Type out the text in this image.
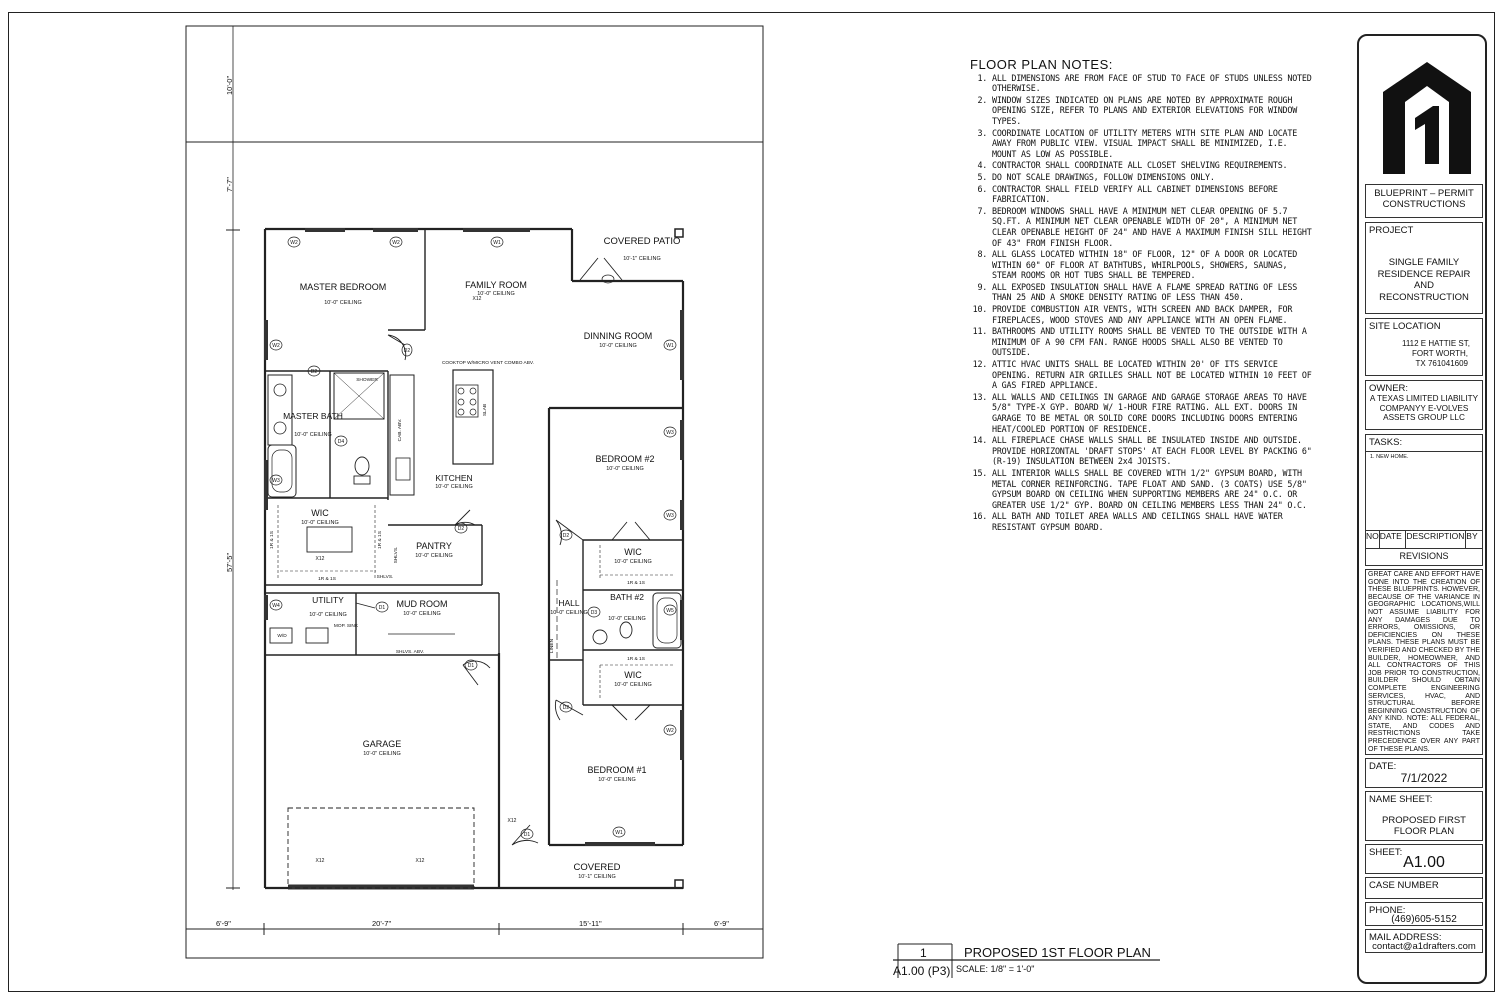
10'-0"
7'-7"
57'-5"
6'-9"	20'-7"	15'-11"	6'-9"
MASTER BEDROOM
10'-0" CEILING
FAMILY ROOM
10'-0" CEILING
COVERED PATIO
10'-1" CEILING
DINNING ROOM
10'-0" CEILING
MASTER BATH
10'-0" CEILING
KITCHEN
10'-0" CEILING
BEDROOM #2
10'-0" CEILING
WIC
10'-0" CEILING
PANTRY
10'-0" CEILING	WIC
10'-0" CEILING
UTILITY
10'-0" CEILING
MUD ROOM
10'-0" CEILING
HALL
10'-0" CEILING
BATH #2
10'-0" CEILING
WIC
10'-0" CEILING
GARAGE
10'-0" CEILING
BEDROOM #1
10'-0" CEILING
COVERED
10'-1" CEILING
SHOWER
COOKTOP W/MICRO VENT COMBO ABV.
SLAB
CAB. ABV.
SHLVS.
SHLVS.
SHLVS. ABV.
MOP. SINK
1R & 1S
1R & 1S
1R & 1S
1R & 1S	1R & 1S
LINEN
W/D
W2	W2	W1
W2
W3
W4
W1
W3
W3
W5
W2
W1
D2
D4
D2
D1
D1
D2
D3
D2
D1
D2
X12
X12
X12	X12
X12
1
A1.00 (P3)
PROPOSED 1ST FLOOR PLAN
SCALE: 1/8" = 1'-0"
FLOOR PLAN NOTES:
1. ALL DIMENSIONS ARE FROM FACE OF STUD TO FACE OF STUDS UNLESS NOTED OTHERWISE.
2. WINDOW SIZES INDICATED ON PLANS ARE NOTED BY APPROXIMATE ROUGH OPENING SIZE, REFER TO PLANS AND EXTERIOR ELEVATIONS FOR WINDOW TYPES.
3. COORDINATE LOCATION OF UTILITY METERS WITH SITE PLAN AND LOCATE AWAY FROM PUBLIC VIEW. VISUAL IMPACT SHALL BE MINIMIZED, I.E. MOUNT AS LOW AS POSSIBLE.
4. CONTRACTOR SHALL COORDINATE ALL CLOSET SHELVING REQUIREMENTS.
5. DO NOT SCALE DRAWINGS, FOLLOW DIMENSIONS ONLY.
6. CONTRACTOR SHALL FIELD VERIFY ALL CABINET DIMENSIONS BEFORE FABRICATION.
7. BEDROOM WINDOWS SHALL HAVE A MINIMUM NET CLEAR OPENING OF 5.7 SQ.FT. A MINIMUM NET CLEAR OPENABLE WIDTH OF 20", A MINIMUM NET CLEAR OPENABLE HEIGHT OF 24" AND HAVE A MAXIMUM FINISH SILL HEIGHT OF 43" FROM FINISH FLOOR.
8. ALL GLASS LOCATED WITHIN 18" OF FLOOR, 12" OF A DOOR OR LOCATED WITHIN 60" OF FLOOR AT BATHTUBS, WHIRLPOOLS, SHOWERS, SAUNAS, STEAM ROOMS OR HOT TUBS SHALL BE TEMPERED.
9. ALL EXPOSED INSULATION SHALL HAVE A FLAME SPREAD RATING OF LESS THAN 25 AND A SMOKE DENSITY RATING OF LESS THAN 450.
10. PROVIDE COMBUSTION AIR VENTS, WITH SCREEN AND BACK DAMPER, FOR FIREPLACES, WOOD STOVES AND ANY APPLIANCE WITH AN OPEN FLAME.
11. BATHROOMS AND UTILITY ROOMS SHALL BE VENTED TO THE OUTSIDE WITH A MINIMUM OF A 90 CFM FAN. RANGE HOODS SHALL ALSO BE VENTED TO OUTSIDE.
12. ATTIC HVAC UNITS SHALL BE LOCATED WITHIN 20' OF ITS SERVICE OPENING. RETURN AIR GRILLES SHALL NOT BE LOCATED WITHIN 10 FEET OF A GAS FIRED APPLIANCE.
13. ALL WALLS AND CEILINGS IN GARAGE AND GARAGE STORAGE AREAS TO HAVE 5/8" TYPE-X GYP. BOARD W/ 1-HOUR FIRE RATING. ALL EXT. DOORS IN GARAGE TO BE METAL OR SOLID CORE DOORS INCLUDING DOORS ENTERING HEAT/COOLED PORTION OF RESIDENCE.
14. ALL FIREPLACE CHASE WALLS SHALL BE INSULATED INSIDE AND OUTSIDE. PROVIDE HORIZONTAL 'DRAFT STOPS' AT EACH FLOOR LEVEL BY PACKING 6" (R-19) INSULATION BETWEEN 2x4 JOISTS.
15. ALL INTERIOR WALLS SHALL BE COVERED WITH 1/2" GYPSUM BOARD, WITH METAL CORNER REINFORCING. TAPE FLOAT AND SAND. (3 COATS) USE 5/8" GYPSUM BOARD ON CEILING WHEN SUPPORTING MEMBERS ARE 24" O.C. OR GREATER USE 1/2" GYP. BOARD ON CEILING MEMBERS LESS THAN 24" O.C.
16. ALL BATH AND TOILET AREA WALLS AND CEILINGS SHALL HAVE WATER RESISTANT GYPSUM BOARD.
BLUEPRINT – PERMIT CONSTRUCTIONS
PROJECT
SINGLE FAMILY RESIDENCE REPAIR AND RECONSTRUCTION
SITE LOCATION
1112 E HATTIE ST,
FORT WORTH,
TX 761041609
OWNER:
A TEXAS LIMITED LIABILITY COMPANYY E-VOLVES ASSETS GROUP LLC
TASKS:
1. NEW HOME.
NO DATE DESCRIPTION BY
REVISIONS
GREAT CARE AND EFFORT HAVE GONE INTO THE CREATION OF THESE BLUEPRINTS. HOWEVER, BECAUSE OF THE VARIANCE IN GEOGRAPHIC LOCATIONS,WILL NOT ASSUME LIABILITY FOR ANY DAMAGES DUE TO ERRORS, OMISSIONS, OR DEFICIENCIES ON THESE PLANS. THESE PLANS MUST BE VERIFIED AND CHECKED BY THE BUILDER, HOMEOWNER, AND ALL CONTRACTORS OF THIS JOB PRIOR TO CONSTRUCTION, BUILDER SHOULD OBTAIN COMPLETE ENGINEERING SERVICES, HVAC, AND STRUCTURAL BEFORE BEGINNING CONSTRUCTION OF ANY KIND. NOTE: ALL FEDERAL, STATE, AND CODES AND RESTRICTIONS TAKE PRECEDENCE OVER ANY PART OF THESE PLANS.
DATE:
7/1/2022
NAME SHEET:
PROPOSED FIRST FLOOR PLAN
SHEET:
A1.00
CASE NUMBER
PHONE:
(469)605-5152
MAIL ADDRESS:
contact@a1drafters.com
